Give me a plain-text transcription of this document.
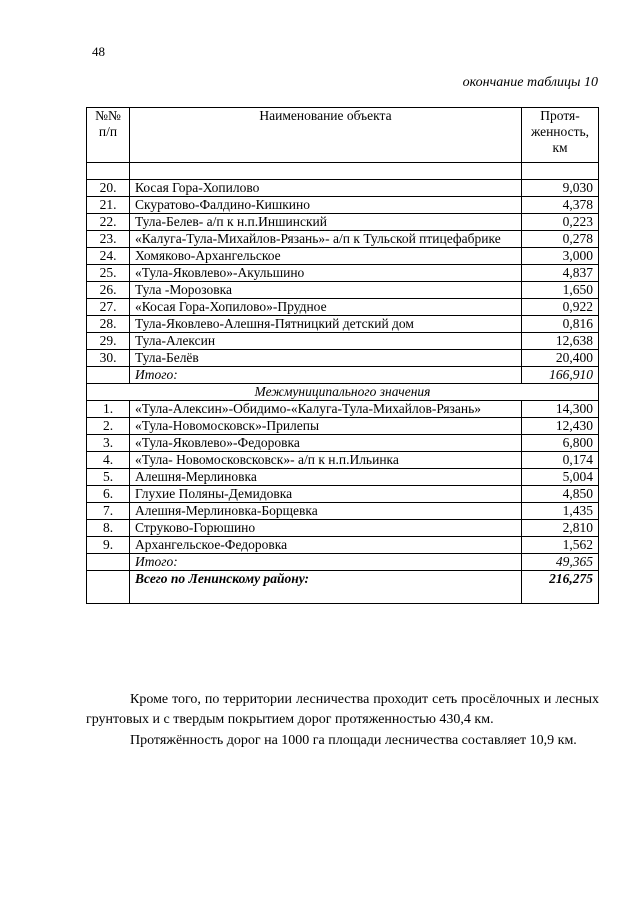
48
окончание таблицы 10
№№ п/п	Наименование объекта	Протя-женность, км

20.	Косая Гора-Хопилово	9,030
21.	Скуратово-Фалдино-Кишкино	4,378
22.	Тула-Белев- а/п к н.п.Иншинский	0,223
23.	«Калуга-Тула-Михайлов-Рязань»- а/п к Тульской птицефабрике	0,278
24.	Хомяково-Архангельское	3,000
25.	«Тула-Яковлево»-Акульшино	4,837
26.	Тула -Морозовка	1,650
27.	«Косая Гора-Хопилово»-Прудное	0,922
28.	Тула-Яковлево-Алешня-Пятницкий детский дом	0,816
29.	Тула-Алексин	12,638
30.	Тула-Белёв	20,400
	Итого:	166,910
Межмуниципального значения		
1.	«Тула-Алексин»-Обидимо-«Калуга-Тула-Михайлов-Рязань»	14,300
2.	«Тула-Новомосковск»-Прилепы	12,430
3.	«Тула-Яковлево»-Федоровка	6,800
4.	«Тула- Новомосковсковск»- а/п к н.п.Ильинка	0,174
5.	Алешня-Мерлиновка	5,004
6.	Глухие Поляны-Демидовка	4,850
7.	Алешня-Мерлиновка-Борщевка	1,435
8.	Струково-Горюшино	2,810
9.	Архангельское-Федоровка	1,562
	Итого:	49,365
	Всего по Ленинскому району:	216,275
Кроме того, по территории лесничества проходит сеть просёлочных и лесных грунтовых и с твердым покрытием дорог протяженностью 430,4 км.
Протяжённость дорог на 1000 га площади лесничества составляет 10,9 км.
